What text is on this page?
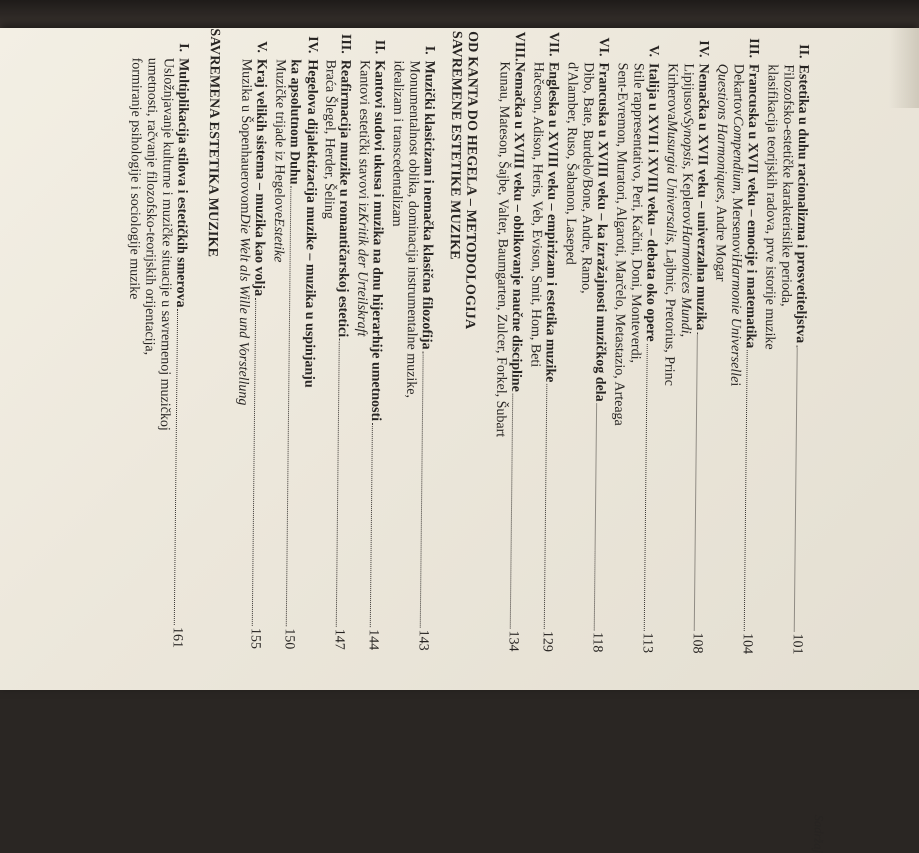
Sadržaj
II.
Estetika u duhu racionalizma i prosvetiteljstva
101
Filozofsko-estetičke karakteristike perioda,
klasifikacija teorijskih radova, prve istorije muzike
III.
Francuska u XVII veku – emocije i matematika
104
Dekartov
Compendium
, Mersenovi
Harmonie Universelle
i
Questions Harmoniques
, Andre Mogar
IV.
Nemačka u XVII veku – univerzalna muzika
108
Lipijusov
Synopsis
, Keplerov
Harmonices Mundi
,
Kirherova
Musurgia Universalis
, Lajbnic, Pretorius, Princ
V.
Italija u XVII i XVIII veku – debata oko opere
113
Stile rappresentativo, Peri, Kačini, Doni, Monteverdi,
Sent-Evremon, Muratori, Algaroti, Marčelo, Metastazio, Arteaga
VI.
Francuska u XVIII veku – ka izražajnosti muzičkog dela
118
Dibo, Bate, Burdelo/Bone, Andre, Ramo,
d'Alamber, Ruso, Šabanon, Laseped
VII.
Engleska u XVIII veku – empirizam i estetika muzike
129
Hačeson, Adison, Heris, Veb, Evison, Smit, Hom, Beti
VIII.
Nemačka u XVIII veku – oblikovanje naučne discipline
134
Kunau, Mateson, Šajbe, Valter, Baumgarten, Zulcer, Forkel, Šubart
OD KANTA DO HEGELA – METODOLOGIJA
SAVREMENE ESTETIKE MUZIKE
I.
Muzički klasicizam i nemačka klasična filozofija
143
Monumentalnost oblika, dominacija instrumentalne muzike,
idealizam i transcedentalizam
II.
Kantovi sudovi ukusa i muzika na dnu hijerarhije umetnosti
144
Kantovi estetički stavovi iz
Kritik der Urteilskraft
III.
Reafirmacija muzike u romantičarskoj estetici
147
Braća Šlegel, Herder, Šeling
IV.
Hegelova dijalektizacija muzike – muzika u uspinjanju
ka apsolutnom Duhu
150
Muzičke trijade iz Hegelove
Estetike
V.
Kraj velikih sistema – muzika kao volja
155
Muzika u Šopenhauerovom
Die Welt als Wille und Vorstellung
SAVREMENA ESTETIKA MUZIKE
I.
Multiplikacija stilova i estetičkih smerova
161
Usložnjavanje kulturne i muzičke situacije u savremenoj muzičkoj
umetnosti, račvanje filozofsko-teorijskih orijentacija,
formiranje psihologije i sociologije muzike
